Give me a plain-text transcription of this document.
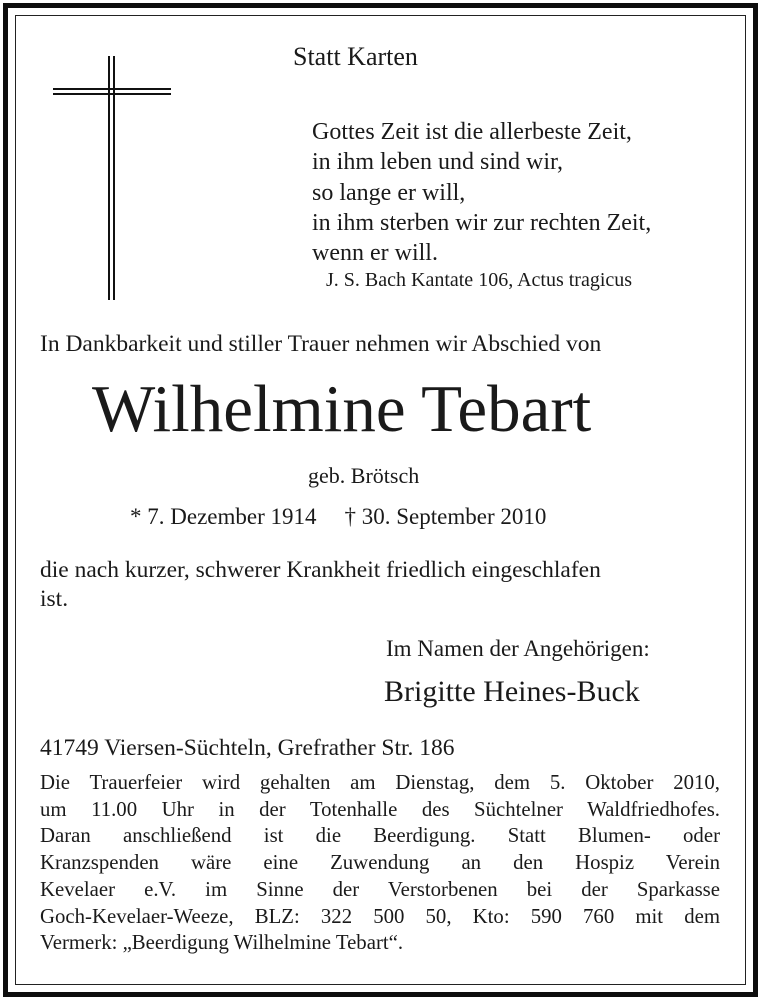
Statt Karten
Gottes Zeit ist die allerbeste Zeit,
in ihm leben und sind wir,
so lange er will,
in ihm sterben wir zur rechten Zeit,
wenn er will.
J. S. Bach Kantate 106, Actus tragicus
In Dankbarkeit und stiller Trauer nehmen wir Abschied von
Wilhelmine Tebart
geb. Brötsch
* 7. Dezember 1914 † 30. September 2010
die nach kurzer, schwerer Krankheit friedlich eingeschlafen
ist.
Im Namen der Angehörigen:
Brigitte Heines-Buck
41749 Viersen-Süchteln, Grefrather Str. 186
Die Trauerfeier wird gehalten am Dienstag, dem 5. Oktober 2010,
um 11.00 Uhr in der Totenhalle des Süchtelner Waldfriedhofes.
Daran anschließend ist die Beerdigung. Statt Blumen- oder
Kranzspenden wäre eine Zuwendung an den Hospiz Verein
Kevelaer e.V. im Sinne der Verstorbenen bei der Sparkasse
Goch-Kevelaer-Weeze, BLZ: 322 500 50, Kto: 590 760 mit dem
Vermerk: „Beerdigung Wilhelmine Tebart“.
